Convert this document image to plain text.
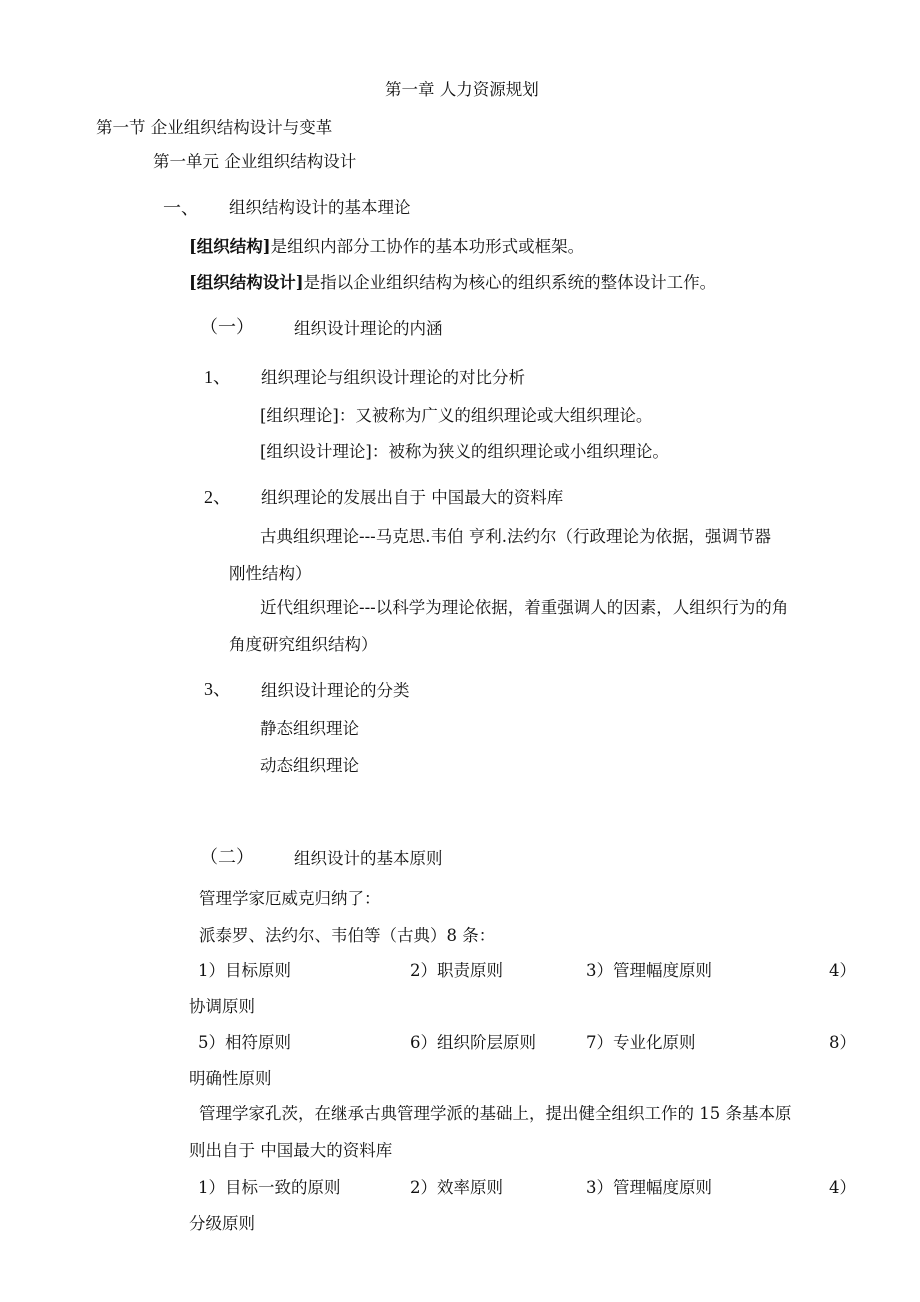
第一章 人力资源规划
第一节 企业组织结构设计与变革
第一单元 企业组织结构设计
一、 组织结构设计的基本理论
[组织结构]是组织内部分工协作的基本功形式或框架。
[组织结构设计]是指以企业组织结构为核心的组织系统的整体设计工作。
（一） 组织设计理论的内涵
1、 组织理论与组织设计理论的对比分析
[组织理论]：又被称为广义的组织理论或大组织理论。
[组织设计理论]：被称为狭义的组织理论或小组织理论。
2、 组织理论的发展出自于 中国最大的资料库
古典组织理论---马克思.韦伯 亨利.法约尔（行政理论为依据，强调节器
刚性结构）
近代组织理论---以科学为理论依据，着重强调人的因素，人组织行为的角
角度研究组织结构）
3、 组织设计理论的分类
静态组织理论
动态组织理论
（二） 组织设计的基本原则
管理学家厄威克归纳了：
派泰罗、法约尔、韦伯等（古典）8 条：
1）目标原则	2）职责原则	3）管理幅度原则	4）
协调原则
5）相符原则	6）组织阶层原则	7）专业化原则	8）
明确性原则
管理学家孔茨，在继承古典管理学派的基础上，提出健全组织工作的 15 条基本原
则出自于 中国最大的资料库
1）目标一致的原则	2）效率原则	3）管理幅度原则	4）
分级原则
